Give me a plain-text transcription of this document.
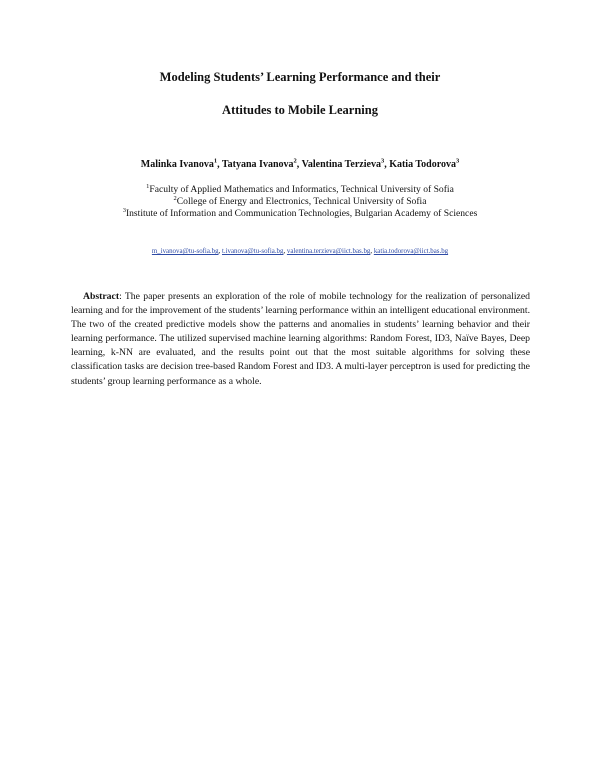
Modeling Students’ Learning Performance and their
Attitudes to Mobile Learning
Malinka Ivanova$^1$, Tatyana Ivanova$^2$, Valentina Terzieva$^3$, Katia Todorova$^3$
$^1$Faculty of Applied Mathematics and Informatics, Technical University of Sofia
$^2$College of Energy and Electronics, Technical University of Sofia
$^3$Institute of Information and Communication Technologies, Bulgarian Academy of Sciences
m_ivanova@tu-sofia.bg, t.ivanova@tu-sofia.bg, valentina.terzieva@iict.bas.bg, katia.todorova@iict.bas.bg

Abstract: The paper presents an exploration of the role of mobile technology for the realization of personalized learning and for the improvement of the students’ learning performance within an intelligent educational environment. The two of the created predictive models show the patterns and anomalies in students’ learning behavior and their learning performance. The utilized supervised machine learning algorithms: Random Forest, ID3, Naïve Bayes, Deep learning, k-NN are evaluated, and the results point out that the most suitable algorithms for solving these classification tasks are decision tree-based Random Forest and ID3. A multi-layer perceptron is used for predicting the students’ group learning performance as a whole.
